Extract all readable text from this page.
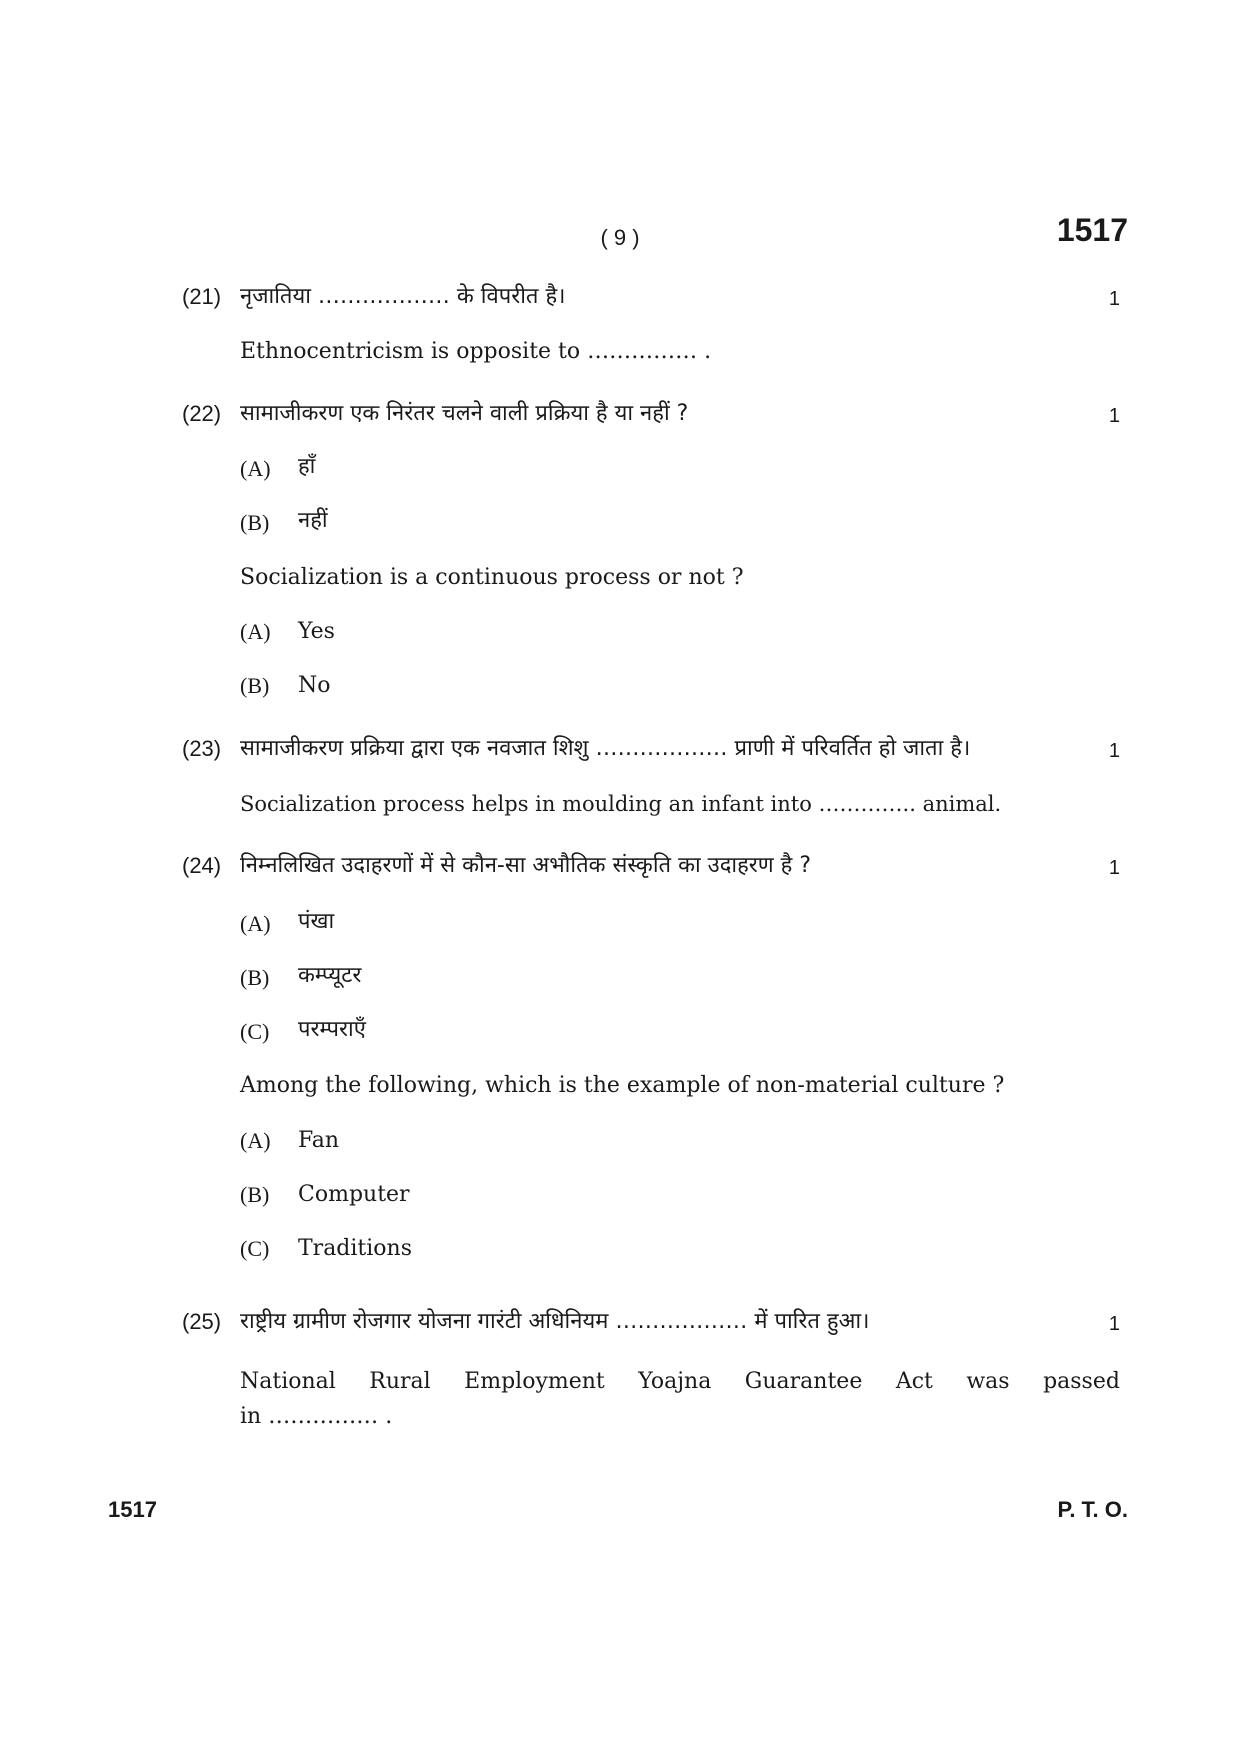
( 9 )	1517
(21) नृजातिया ……………… के विपरीत है।	1
Ethnocentricism is opposite to …………… .
(22) सामाजीकरण एक निरंतर चलने वाली प्रक्रिया है या नहीं ?	1
(A) हाँ
(B) नहीं
Socialization is a continuous process or not ?
(A) Yes
(B) No
(23) सामाजीकरण प्रक्रिया द्वारा एक नवजात शिशु ……………… प्राणी में परिवर्तित हो जाता है।	1
Socialization process helps in moulding an infant into ………….. animal.
(24) निम्नलिखित उदाहरणों में से कौन-सा अभौतिक संस्कृति का उदाहरण है ?	1
(A) पंखा
(B) कम्प्यूटर
(C) परम्पराएँ
Among the following, which is the example of non-material culture ?
(A) Fan
(B) Computer
(C) Traditions
(25) राष्ट्रीय ग्रामीण रोजगार योजना गारंटी अधिनियम ……………… में पारित हुआ।	1
National Rural Employment Yoajna Guarantee Act was passed
in …………… .
1517	P. T. O.
